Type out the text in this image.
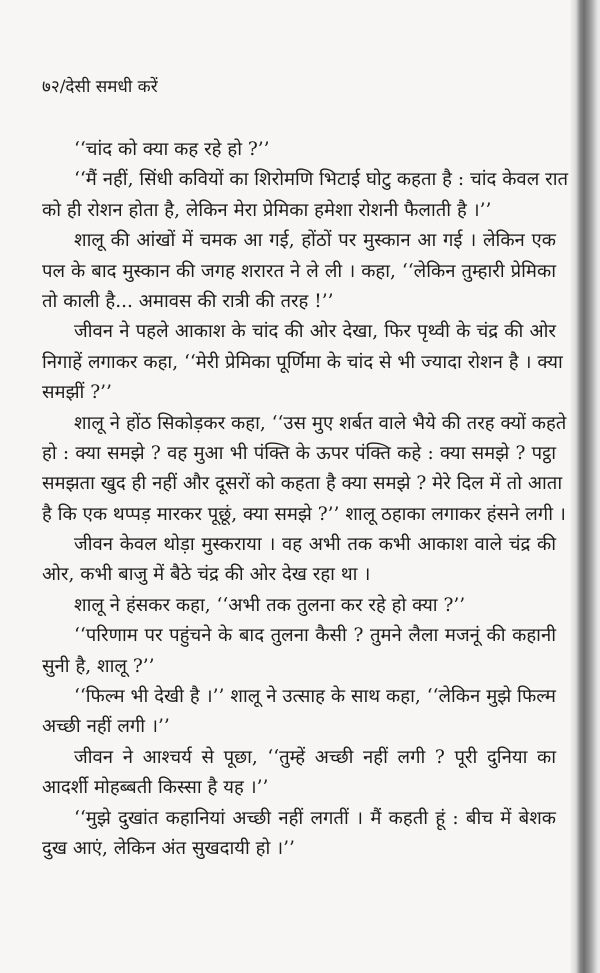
७२/देसी समधी करें
‘‘चांद को क्या कह रहे हो ?’’
‘‘मैं नहीं, सिंधी कवियों का शिरोमणि भिटाई घोटु कहता है : चांद केवल रात
को ही रोशन होता है, लेकिन मेरा प्रेमिका हमेशा रोशनी फैलाती है ।’’
शालू की आंखों में चमक आ गई, होंठों पर मुस्कान आ गई । लेकिन एक
पल के बाद मुस्कान की जगह शरारत ने ले ली । कहा, ‘‘लेकिन तुम्हारी प्रेमिका
तो काली है... अमावस की रात्री की तरह !’’
जीवन ने पहले आकाश के चांद की ओर देखा, फिर पृथ्वी के चंद्र की ओर
निगाहें लगाकर कहा, ‘‘मेरी प्रेमिका पूर्णिमा के चांद से भी ज्यादा रोशन है । क्या
समझीं ?’’
शालू ने होंठ सिकोड़कर कहा, ‘‘उस मुए शर्बत वाले भैये की तरह क्यों कहते
हो : क्या समझे ? वह मुआ भी पंक्ति के ऊपर पंक्ति कहे : क्या समझे ? पट्ठा
समझता खुद ही नहीं और दूसरों को कहता है क्या समझे ? मेरे दिल में तो आता
है कि एक थप्पड़ मारकर पूछूं, क्या समझे ?’’ शालू ठहाका लगाकर हंसने लगी ।
जीवन केवल थोड़ा मुस्कराया । वह अभी तक कभी आकाश वाले चंद्र की
ओर, कभी बाजु में बैठे चंद्र की ओर देख रहा था ।
शालू ने हंसकर कहा, ‘‘अभी तक तुलना कर रहे हो क्या ?’’
‘‘परिणाम पर पहुंचने के बाद तुलना कैसी ? तुमने लैला मजनूं की कहानी
सुनी है, शालू ?’’
‘‘फिल्म भी देखी है ।’’ शालू ने उत्साह के साथ कहा, ‘‘लेकिन मुझे फिल्म
अच्छी नहीं लगी ।’’
जीवन ने आश्चर्य से पूछा, ‘‘तुम्हें अच्छी नहीं लगी ? पूरी दुनिया का
आदर्शी मोहब्बती किस्सा है यह ।’’
‘‘मुझे दुखांत कहानियां अच्छी नहीं लगतीं । मैं कहती हूं : बीच में बेशक
दुख आएं, लेकिन अंत सुखदायी हो ।’’
